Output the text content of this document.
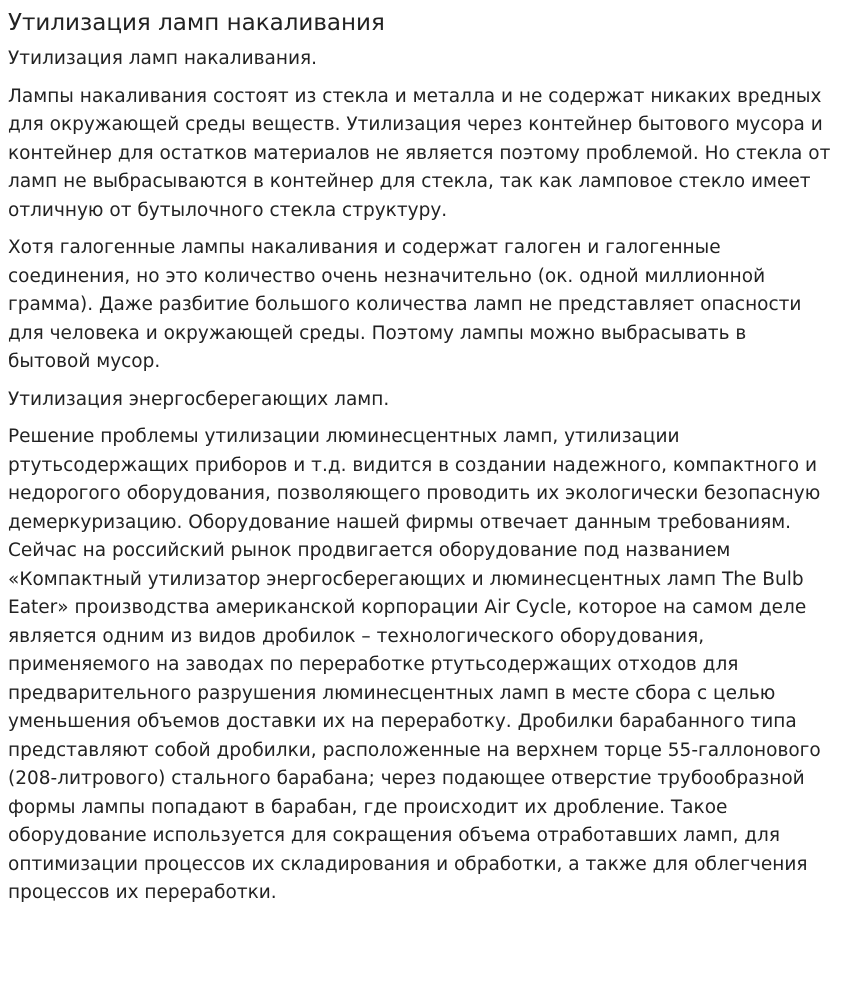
Утилизация ламп накаливания

Утилизация ламп накаливания.

Лампы накаливания состоят из стекла и металла и не содержат никаких вредных для окружающей среды веществ. Утилизация через контейнер бытового мусора и контейнер для остатков материалов не является поэтому проблемой. Но стекла от ламп не выбрасываются в контейнер для стекла, так как ламповое стекло имеет отличную от бутылочного стекла структуру.

Хотя галогенные лампы накаливания и содержат галоген и галогенные соединения, но это количество очень незначительно (ок. одной миллионной грамма). Даже разбитие большого количества ламп не представляет опасности для человека и окружающей среды. Поэтому лампы можно выбрасывать в бытовой мусор.

Утилизация энергосберегающих ламп.

Решение проблемы утилизации люминесцентных ламп, утилизации ртутьсодержащих приборов и т.д. видится в создании надежного, компактного и недорогого оборудования, позволяющего проводить их экологически безопасную демеркуризацию. Оборудование нашей фирмы отвечает данным требованиям. Сейчас на российский рынок продвигается оборудование под названием «Компактный утилизатор энергосберегающих и люминесцентных ламп The Bulb Eater» производства американской корпорации Air Cycle, которое на самом деле является одним из видов дробилок – технологического оборудования, применяемого на заводах по переработке ртутьсодержащих отходов для предварительного разрушения люминесцентных ламп в месте сбора с целью уменьшения объемов доставки их на переработку. Дробилки барабанного типа представляют собой дробилки, расположенные на верхнем торце 55-галлонового (208-литрового) стального барабана; через подающее отверстие трубообразной формы лампы попадают в барабан, где происходит их дробление. Такое оборудование используется для сокращения объема отработавших ламп, для оптимизации процессов их складирования и обработки, а также для облегчения процессов их переработки.
